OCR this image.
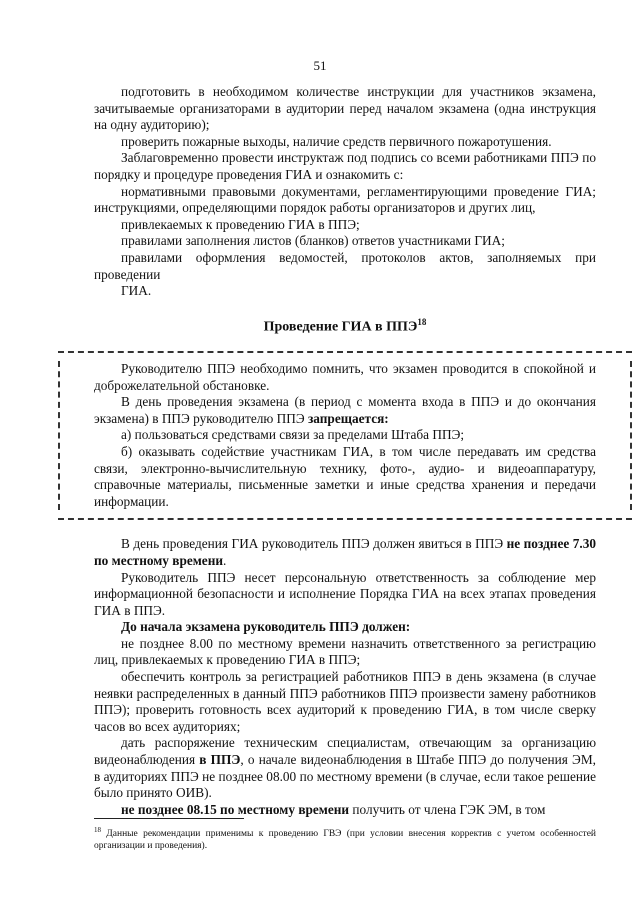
51

подготовить в необходимом количестве инструкции для участников экзамена, зачитываемые организаторами в аудитории перед началом экзамена (одна инструкция на одну аудиторию);

проверить пожарные выходы, наличие средств первичного пожаротушения.

Заблаговременно провести инструктаж под подпись со всеми работниками ППЭ по порядку и процедуре проведения ГИА и ознакомить с:

нормативными правовыми документами, регламентирующими проведение ГИА; инструкциями, определяющими порядок работы организаторов и других лиц,

привлекаемых к проведению ГИА в ППЭ;

правилами заполнения листов (бланков) ответов участниками ГИА;

правилами оформления ведомостей, протоколов актов, заполняемых при проведении

ГИА.

Проведение ГИА в ППЭ$^{18}$

Руководителю ППЭ необходимо помнить, что экзамен проводится в спокойной и доброжелательной обстановке.

В день проведения экзамена (в период с момента входа в ППЭ и до окончания экзамена) в ППЭ руководителю ППЭ запрещается:

а) пользоваться средствами связи за пределами Штаба ППЭ;

б) оказывать содействие участникам ГИА, в том числе передавать им средства связи, электронно-вычислительную технику, фото-, аудио- и видеоаппаратуру, справочные материалы, письменные заметки и иные средства хранения и передачи информации.

В день проведения ГИА руководитель ППЭ должен явиться в ППЭ не позднее 7.30 по местному времени.

Руководитель ППЭ несет персональную ответственность за соблюдение мер информационной безопасности и исполнение Порядка ГИА на всех этапах проведения ГИА в ППЭ.

До начала экзамена руководитель ППЭ должен:

не позднее 8.00 по местному времени назначить ответственного за регистрацию лиц, привлекаемых к проведению ГИА в ППЭ;

обеспечить контроль за регистрацией работников ППЭ в день экзамена (в случае неявки распределенных в данный ППЭ работников ППЭ произвести замену работников ППЭ); проверить готовность всех аудиторий к проведению ГИА, в том числе сверку часов во всех аудиториях;

дать распоряжение техническим специалистам, отвечающим за организацию видеонаблюдения в ППЭ, о начале видеонаблюдения в Штабе ППЭ до получения ЭМ, в аудиториях ППЭ не позднее 08.00 по местному времени (в случае, если такое решение было принято ОИВ).

не позднее 08.15 по местному времени получить от члена ГЭК ЭМ, в том

$^{18}$ Данные рекомендации применимы к проведению ГВЭ (при условии внесения корректив с учетом особенностей организации и проведения).
